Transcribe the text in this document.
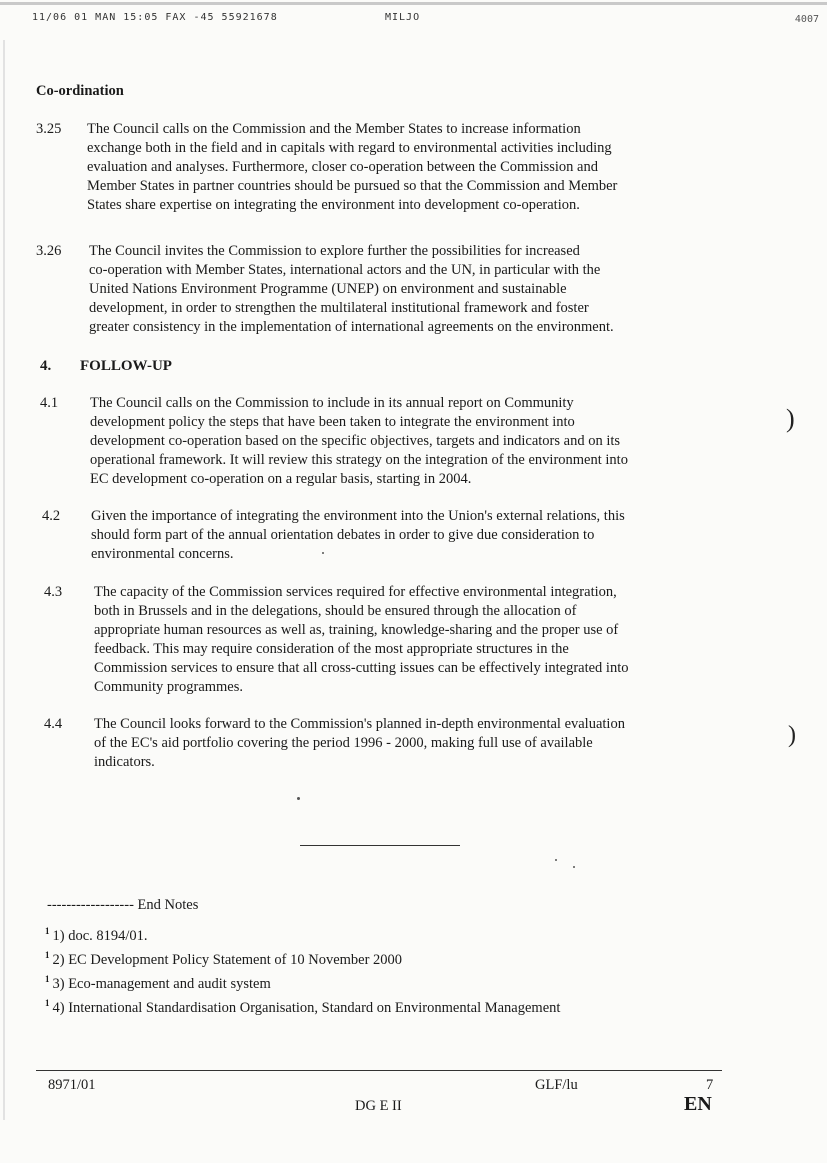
11/06 01 MAN 15:05 FAX -45 55921678	MILJO	4007
Co-ordination
3.25 The Council calls on the Commission and the Member States to increase information
exchange both in the field and in capitals with regard to environmental activities including
evaluation and analyses. Furthermore, closer co-operation between the Commission and
Member States in partner countries should be pursued so that the Commission and Member
States share expertise on integrating the environment into development co-operation.
3.26 The Council invites the Commission to explore further the possibilities for increased
co-operation with Member States, international actors and the UN, in particular with the
United Nations Environment Programme (UNEP) on environment and sustainable
development, in order to strengthen the multilateral institutional framework and foster
greater consistency in the implementation of international agreements on the environment.
4. FOLLOW-UP
4.1 The Council calls on the Commission to include in its annual report on Community
development policy the steps that have been taken to integrate the environment into
development co-operation based on the specific objectives, targets and indicators and on its
operational framework. It will review this strategy on the integration of the environment into
EC development co-operation on a regular basis, starting in 2004.
4.2 Given the importance of integrating the environment into the Union's external relations, this
should form part of the annual orientation debates in order to give due consideration to
environmental concerns.
4.3 The capacity of the Commission services required for effective environmental integration,
both in Brussels and in the delegations, should be ensured through the allocation of
appropriate human resources as well as, training, knowledge-sharing and the proper use of
feedback. This may require consideration of the most appropriate structures in the
Commission services to ensure that all cross-cutting issues can be effectively integrated into
Community programmes.
4.4 The Council looks forward to the Commission's planned in-depth environmental evaluation
of the EC's aid portfolio covering the period 1996 - 2000, making full use of available
indicators.
------------------ End Notes
$^1$ 1) doc. 8194/01.
$^1$ 2) EC Development Policy Statement of 10 November 2000
$^1$ 3) Eco-management and audit system
$^1$ 4) International Standardisation Organisation, Standard on Environmental Management
8971/01	GLF/lu	7
DG E II	EN
)
)
